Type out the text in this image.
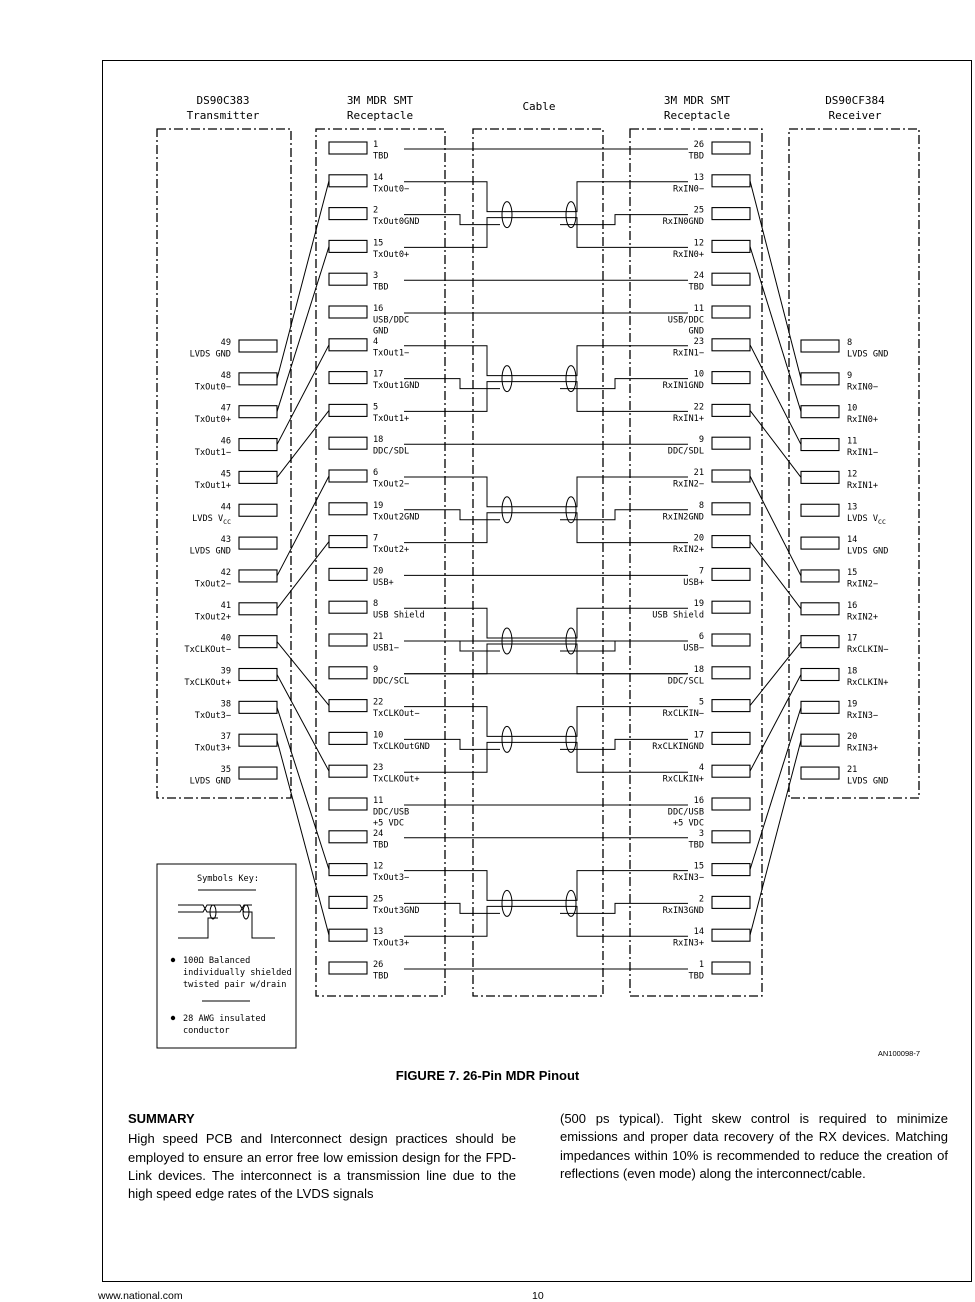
DS90C383
Transmitter
3M MDR SMT
Receptacle
Cable	3M MDR SMT
Receptacle
DS90CF384
Receiver
1
TBD
14
TxOut0−
2
TxOut0GND
15
TxOut0+
3
TBD
16
USB/DDC
GND
4
TxOut1−
17
TxOut1GND
5
TxOut1+
18
DDC/SDL
6
TxOut2−
19
TxOut2GND
7
TxOut2+
20
USB+
8
USB Shield
21
USB1−
9
DDC/SCL
22
TxCLKOut−
10
TxCLKOutGND
23
TxCLKOut+
11
DDC/USB
+5 VDC
24
TBD
12
TxOut3−
25
TxOut3GND
13
TxOut3+
26
TBD
26
TBD
13
RxIN0−
25
RxIN0GND
12
RxIN0+
24
TBD
11
USB/DDC
GND
23
RxIN1−
10
RxIN1GND
22
RxIN1+
9
DDC/SDL
21
RxIN2−
8
RxIN2GND
20
RxIN2+
7
USB+
19
USB Shield
6
USB−
18
DDC/SCL
5
RxCLKIN−
17
RxCLKINGND
4
RxCLKIN+
16
DDC/USB
+5 VDC
3
TBD
15
RxIN3−
2
RxIN3GND
14
RxIN3+
1
TBD
49
LVDS GND
48
TxOut0−
47
TxOut0+
46
TxOut1−
45
TxOut1+
44
LVDS $V_{CC}$
43
LVDS GND
42
TxOut2−
41
TxOut2+
40
TxCLKOut−
39
TxCLKOut+
38
TxOut3−
37
TxOut3+
35
LVDS GND
8
LVDS GND
9
RxIN0−
10
RxIN0+
11
RxIN1−
12
RxIN1+
13
LVDS $V_{CC}$
14
LVDS GND
15
RxIN2−
16
RxIN2+
17
RxCLKIN−
18
RxCLKIN+
19
RxIN3−
20
RxIN3+
21
LVDS GND
Symbols Key:
100Ω Balanced
individually shielded
twisted pair w/drain
28 AWG insulated
conductor
AN100098-7
FIGURE 7. 26-Pin MDR Pinout
SUMMARY
High speed PCB and Interconnect design practices should be employed to ensure an error free low emission design for the FPD-Link devices. The interconnect is a transmission line due to the high speed edge rates of the LVDS signals
(500 ps typical). Tight skew control is required to minimize emissions and proper data recovery of the RX devices. Matching impedances within 10% is recommended to reduce the creation of reflections (even mode) along the interconnect/cable.
www.national.com	10
